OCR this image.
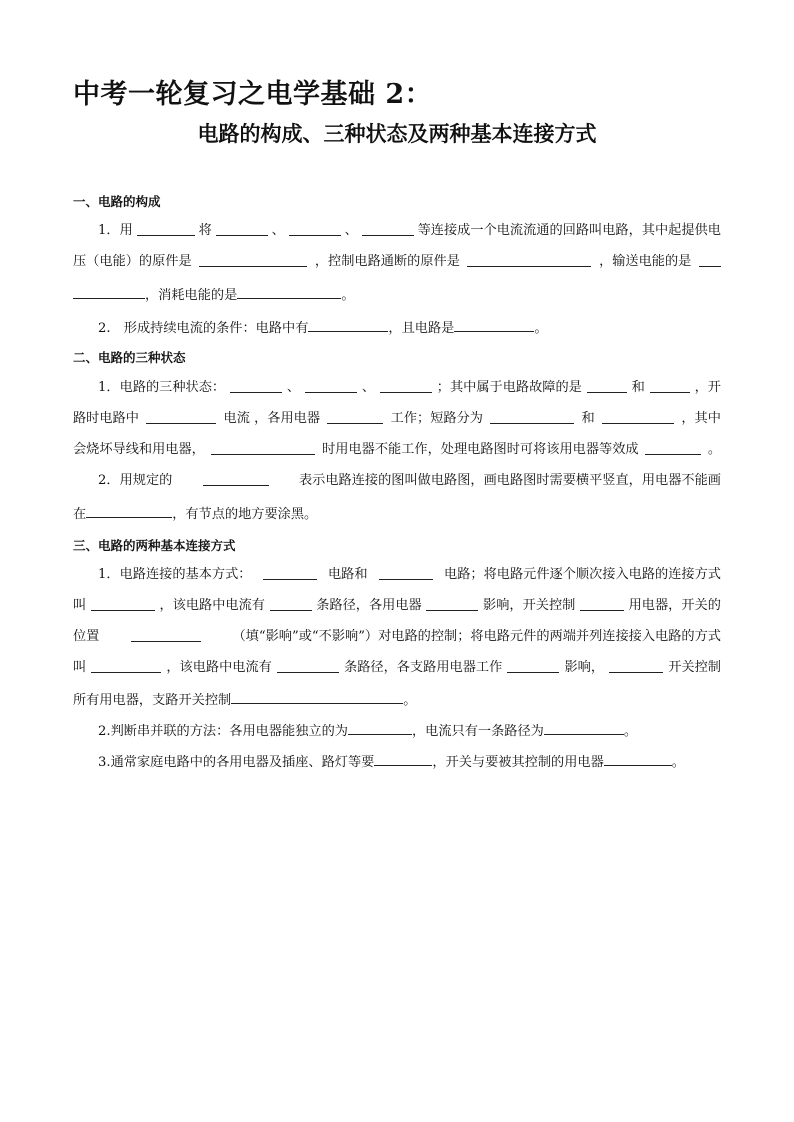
中考一轮复习之电学基础 2：
电路的构成、三种状态及两种基本连接方式
一、电路的构成
1．用	将	、	、	等连接成一个电流流通的回路叫电路，其中起提供电
压（电能）的原件是	，控制电路通断的原件是	，输送电能的是
，消耗电能的是	。
2.　形成持续电流的条件：电路中有	，且电路是	。
二、电路的三种状态
1．电路的三种状态：	、	、	；其中属于电路故障的是	和	，开
路时电路中	电流 ，各用电器	工作；短路分为	和	，其中
会烧坏导线和用电器，	时用电器不能工作，处理电路图时可将该用电器等效成	。
2．用规定的	表示电路连接的图叫做电路图，画电路图时需要横平竖直，用电器不能画
在	，有节点的地方要涂黑。
三、电路的两种基本连接方式
1．电路连接的基本方式：	电路和	电路；将电路元件逐个顺次接入电路的连接方式
叫	，该电路中电流有	条路径，各用电器	影响，开关控制	用电器，开关的
位置	（填“影响”或“不影响”）对电路的控制；将电路元件的两端并列连接接入电路的方式
叫	，该电路中电流有	条路径，各支路用电器工作	影响，	开关控制
所有用电器，支路开关控制	。
2.判断串并联的方法：各用电器能独立的为	，电流只有一条路径为	。
3.通常家庭电路中的各用电器及插座、路灯等要	，开关与要被其控制的用电器	。
